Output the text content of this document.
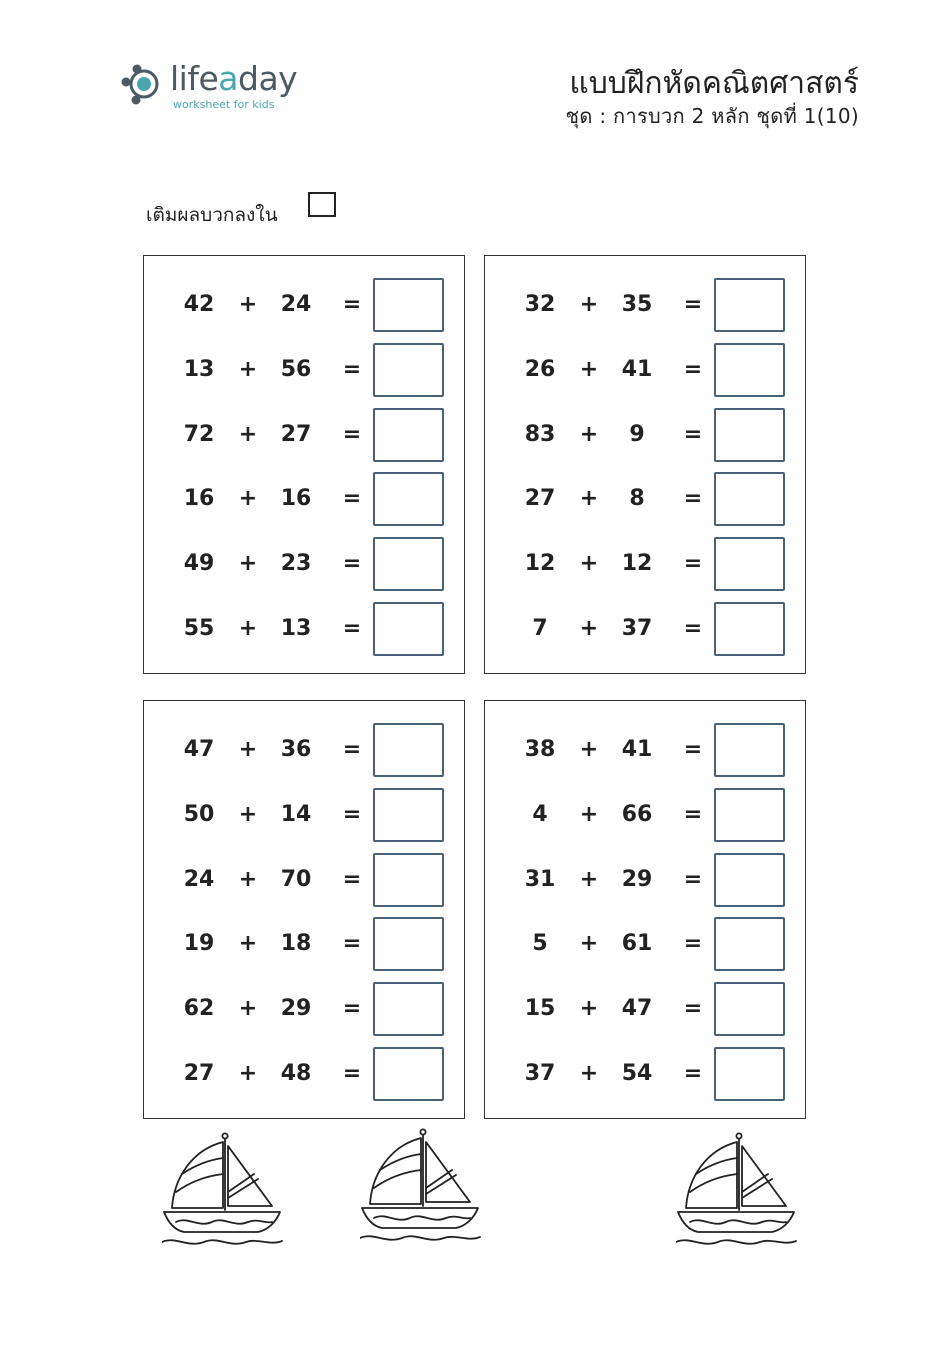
lifeaday
worksheet for kids
แบบฝึกหัดคณิตศาสตร์
ชุด : การบวก 2 หลัก ชุดที่ 1(10)
เติมผลบวกลงใน
42 + 24 =
13 + 56 =
72 + 27 =
16 + 16 =
49 + 23 =
55 + 13 =
32 + 35 =
26 + 41 =
83 +	9	=
27 +	8	=
12 + 12 =
7	+ 37 =
47 + 36 =
50 + 14 =
24 + 70 =
19 + 18 =
62 + 29 =
27 + 48 =
38 + 41 =
4	+ 66 =
31 + 29 =
5	+ 61 =
15 + 47 =
37 + 54 =
